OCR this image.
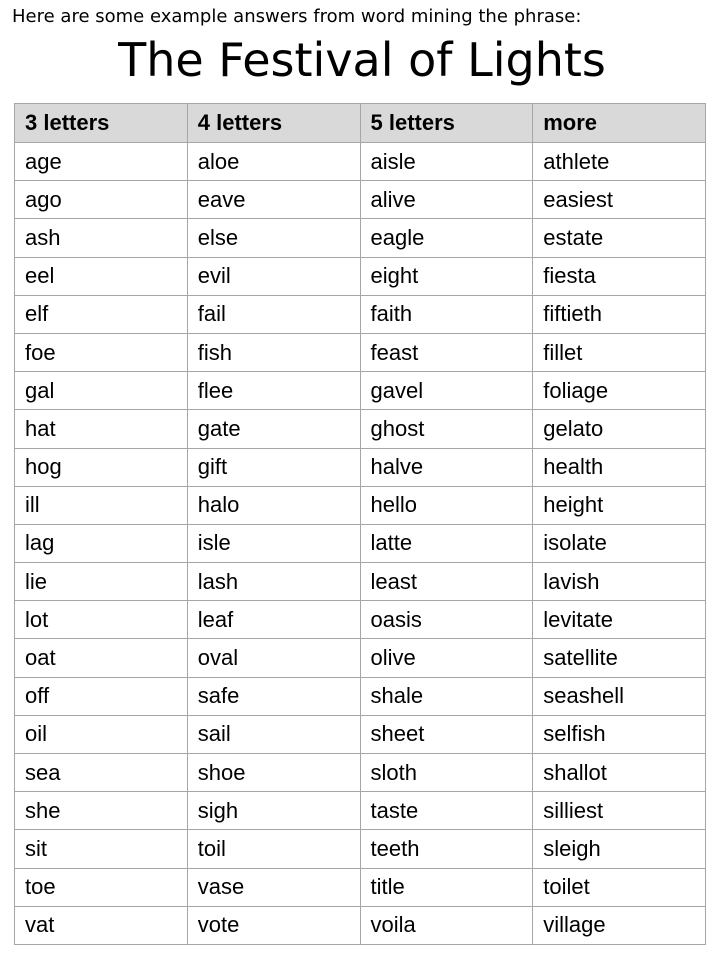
Here are some example answers from word mining the phrase:
The Festival of Lights
3 letters	4 letters	5 letters	more
age	aloe	aisle	athlete
ago	eave	alive	easiest
ash	else	eagle	estate
eel	evil	eight	fiesta
elf	fail	faith	fiftieth
foe	fish	feast	fillet
gal	flee	gavel	foliage
hat	gate	ghost	gelato
hog	gift	halve	health
ill	halo	hello	height
lag	isle	latte	isolate
lie	lash	least	lavish
lot	leaf	oasis	levitate
oat	oval	olive	satellite
off	safe	shale	seashell
oil	sail	sheet	selfish
sea	shoe	sloth	shallot
she	sigh	taste	silliest
sit	toil	teeth	sleigh
toe	vase	title	toilet
vat	vote	voila	village
